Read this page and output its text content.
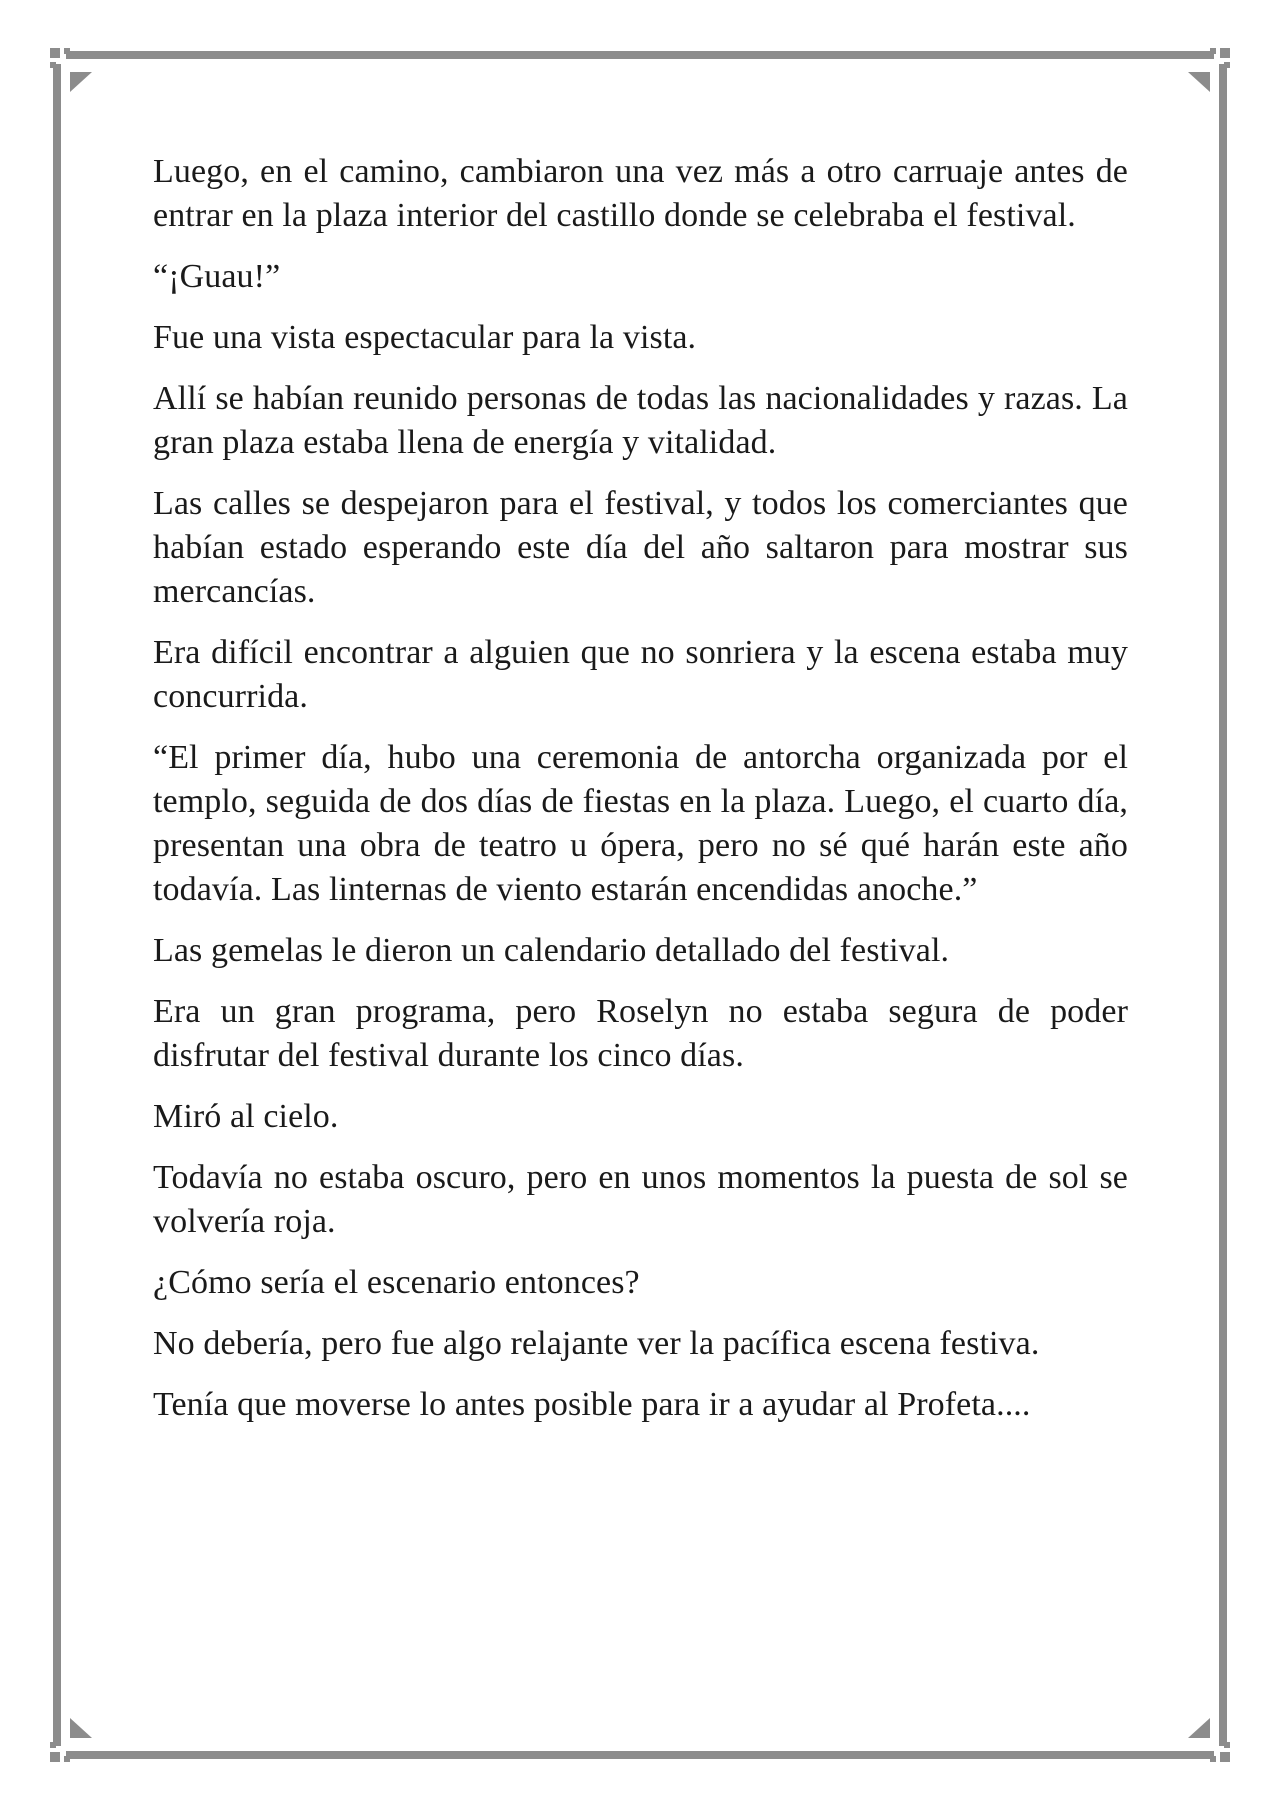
Luego, en el camino, cambiaron una vez más a otro carruaje antes de entrar en la plaza interior del castillo donde se celebraba el festival.

“¡Guau!”

Fue una vista espectacular para la vista.

Allí se habían reunido personas de todas las nacionalidades y razas. La gran plaza estaba llena de energía y vitalidad.

Las calles se despejaron para el festival, y todos los comerciantes que habían estado esperando este día del año saltaron para mostrar sus mercancías.

Era difícil encontrar a alguien que no sonriera y la escena estaba muy concurrida.

“El primer día, hubo una ceremonia de antorcha organizada por el templo, seguida de dos días de fiestas en la plaza. Luego, el cuarto día, presentan una obra de teatro u ópera, pero no sé qué harán este año todavía. Las linternas de viento estarán encendidas anoche.”

Las gemelas le dieron un calendario detallado del festival.

Era un gran programa, pero Roselyn no estaba segura de poder disfrutar del festival durante los cinco días.

Miró al cielo.

Todavía no estaba oscuro, pero en unos momentos la puesta de sol se volvería roja.

¿Cómo sería el escenario entonces?

No debería, pero fue algo relajante ver la pacífica escena festiva.

Tenía que moverse lo antes posible para ir a ayudar al Profeta....
